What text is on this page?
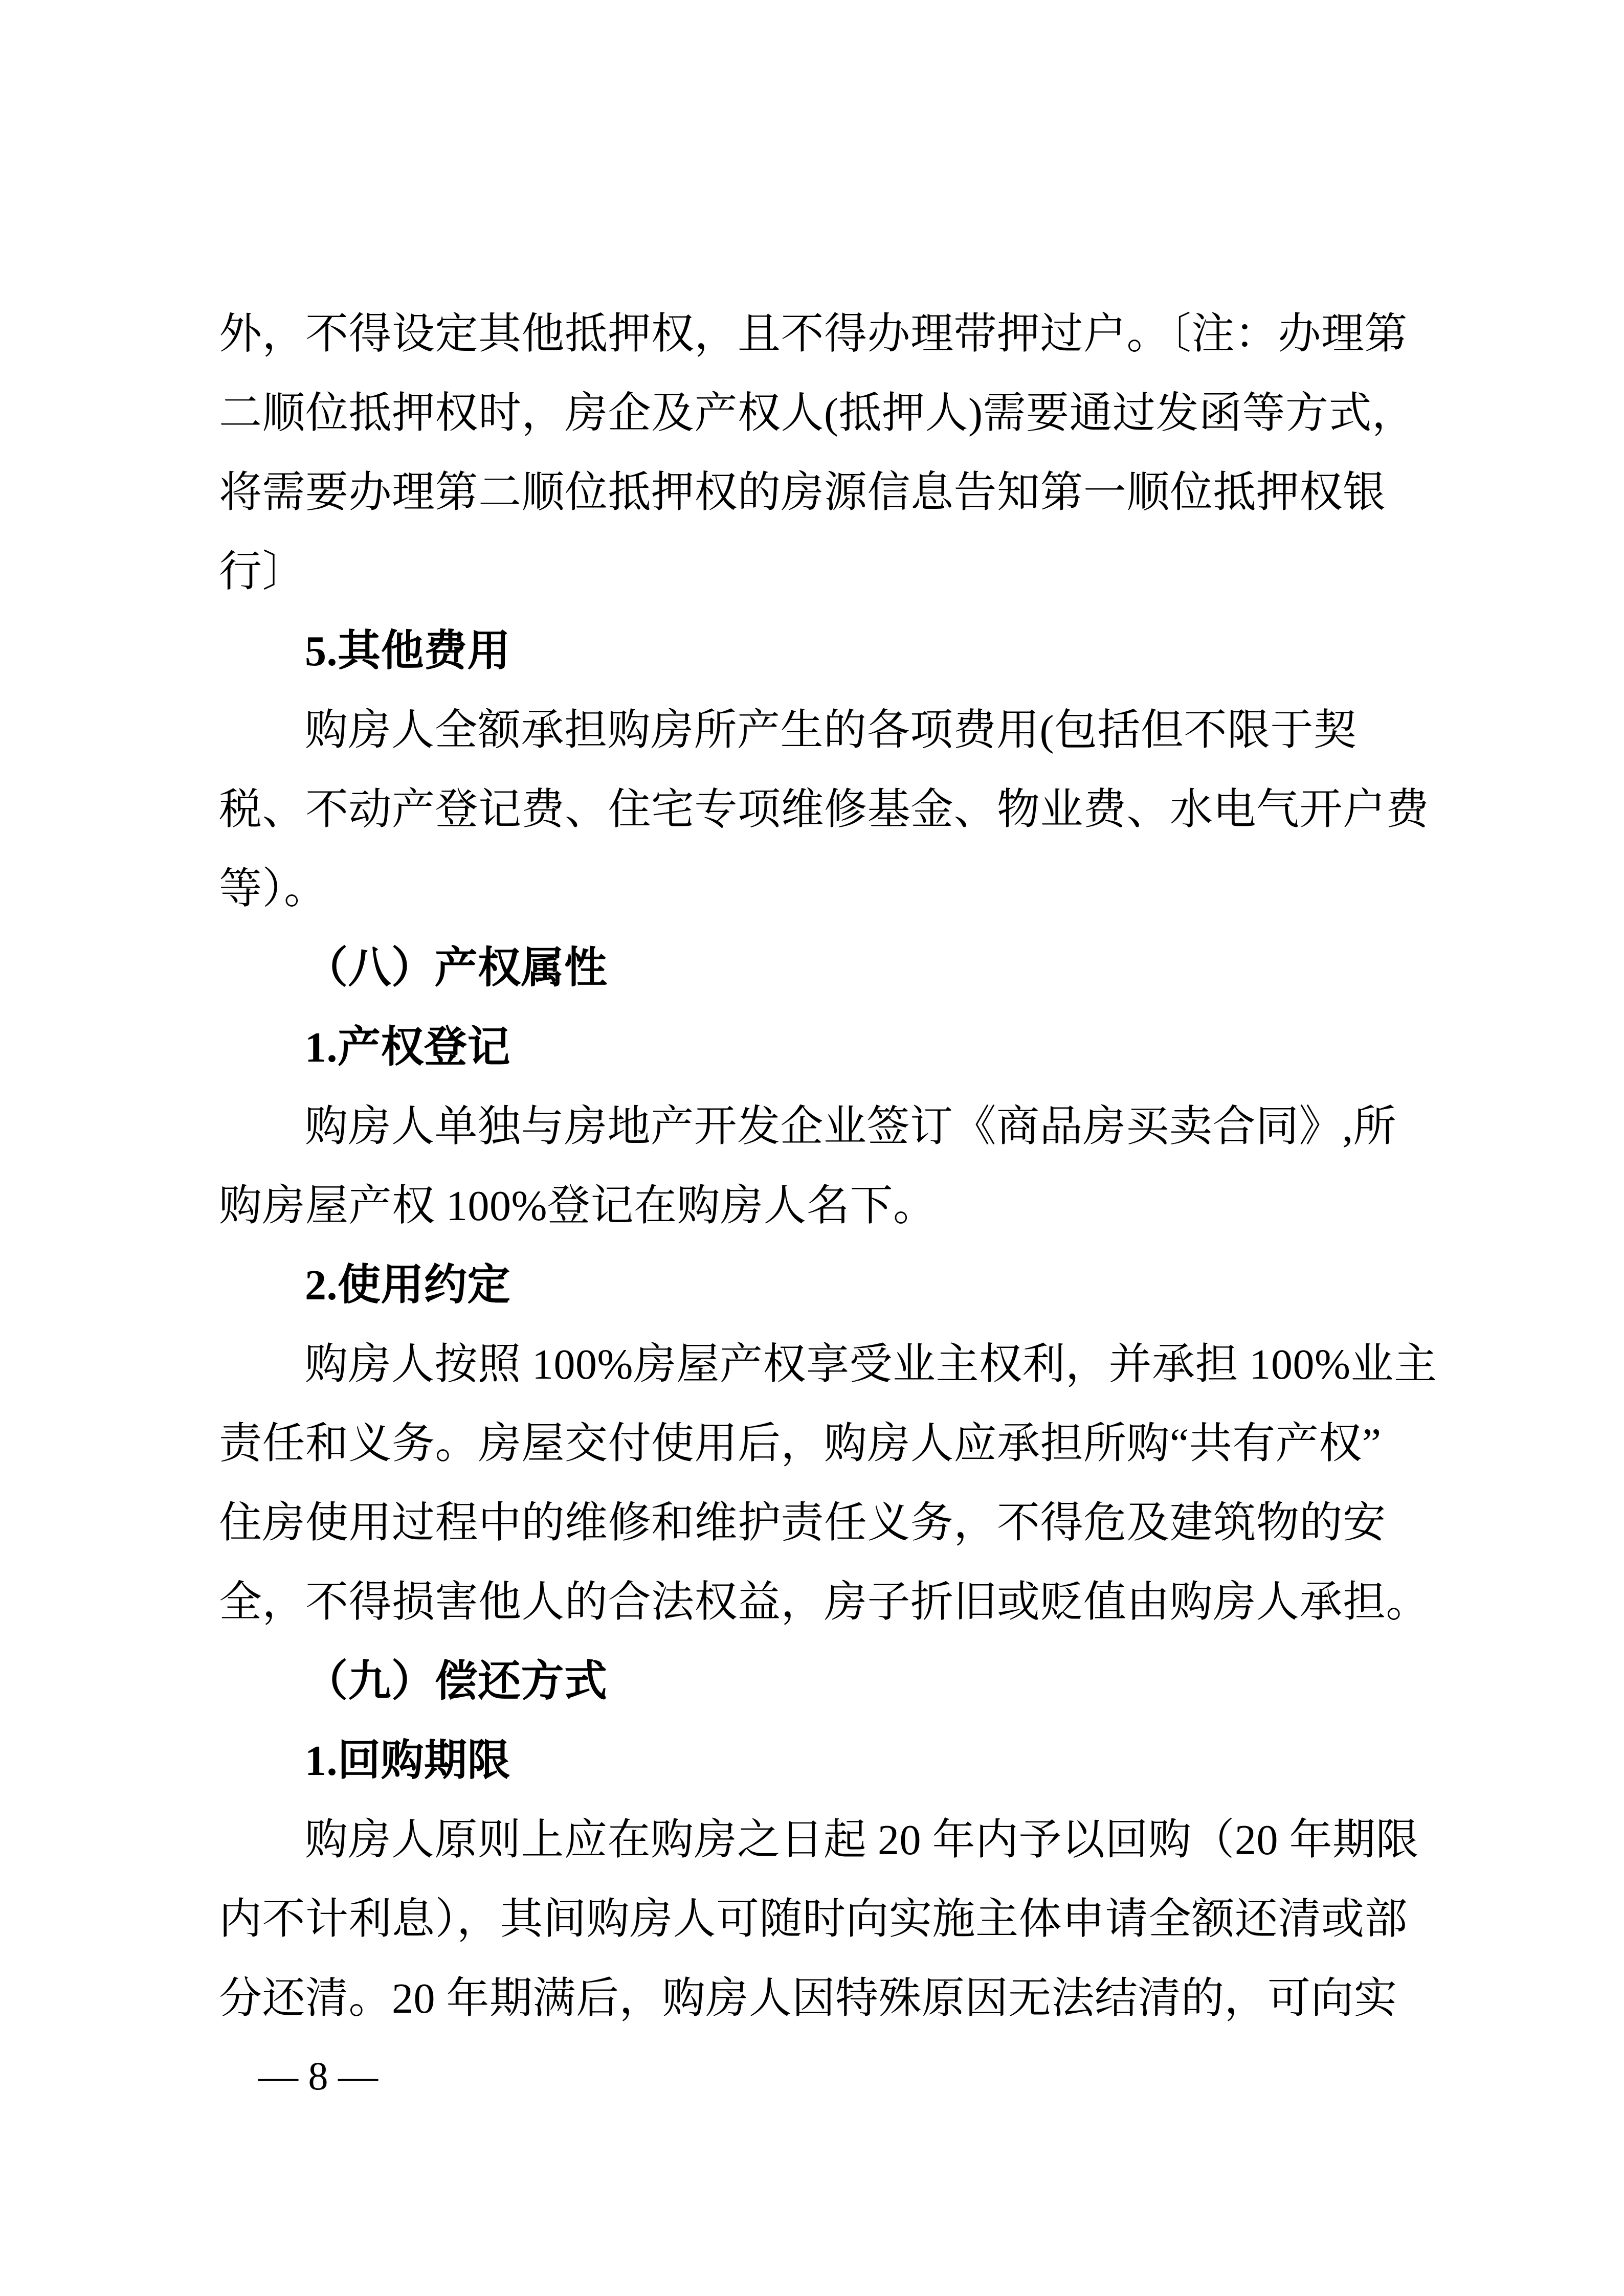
外，不得设定其他抵押权，且不得办理带押过户。〔注：办理第
二顺位抵押权时，房企及产权人(抵押人)需要通过发函等方式，
将需要办理第二顺位抵押权的房源信息告知第一顺位抵押权银
行〕
5.其他费用
购房人全额承担购房所产生的各项费用(包括但不限于契
税、不动产登记费、住宅专项维修基金、物业费、水电气开户费
等）。
（八）产权属性
1.产权登记
购房人单独与房地产开发企业签订《商品房买卖合同》,所
购房屋产权 100%登记在购房人名下。
2.使用约定
购房人按照 100%房屋产权享受业主权利，并承担 100%业主
责任和义务。房屋交付使用后，购房人应承担所购“共有产权”
住房使用过程中的维修和维护责任义务，不得危及建筑物的安
全，不得损害他人的合法权益，房子折旧或贬值由购房人承担。
（九）偿还方式
1.回购期限
购房人原则上应在购房之日起 20 年内予以回购（20 年期限
内不计利息），其间购房人可随时向实施主体申请全额还清或部
分还清。20 年期满后，购房人因特殊原因无法结清的，可向实
— 8 —
